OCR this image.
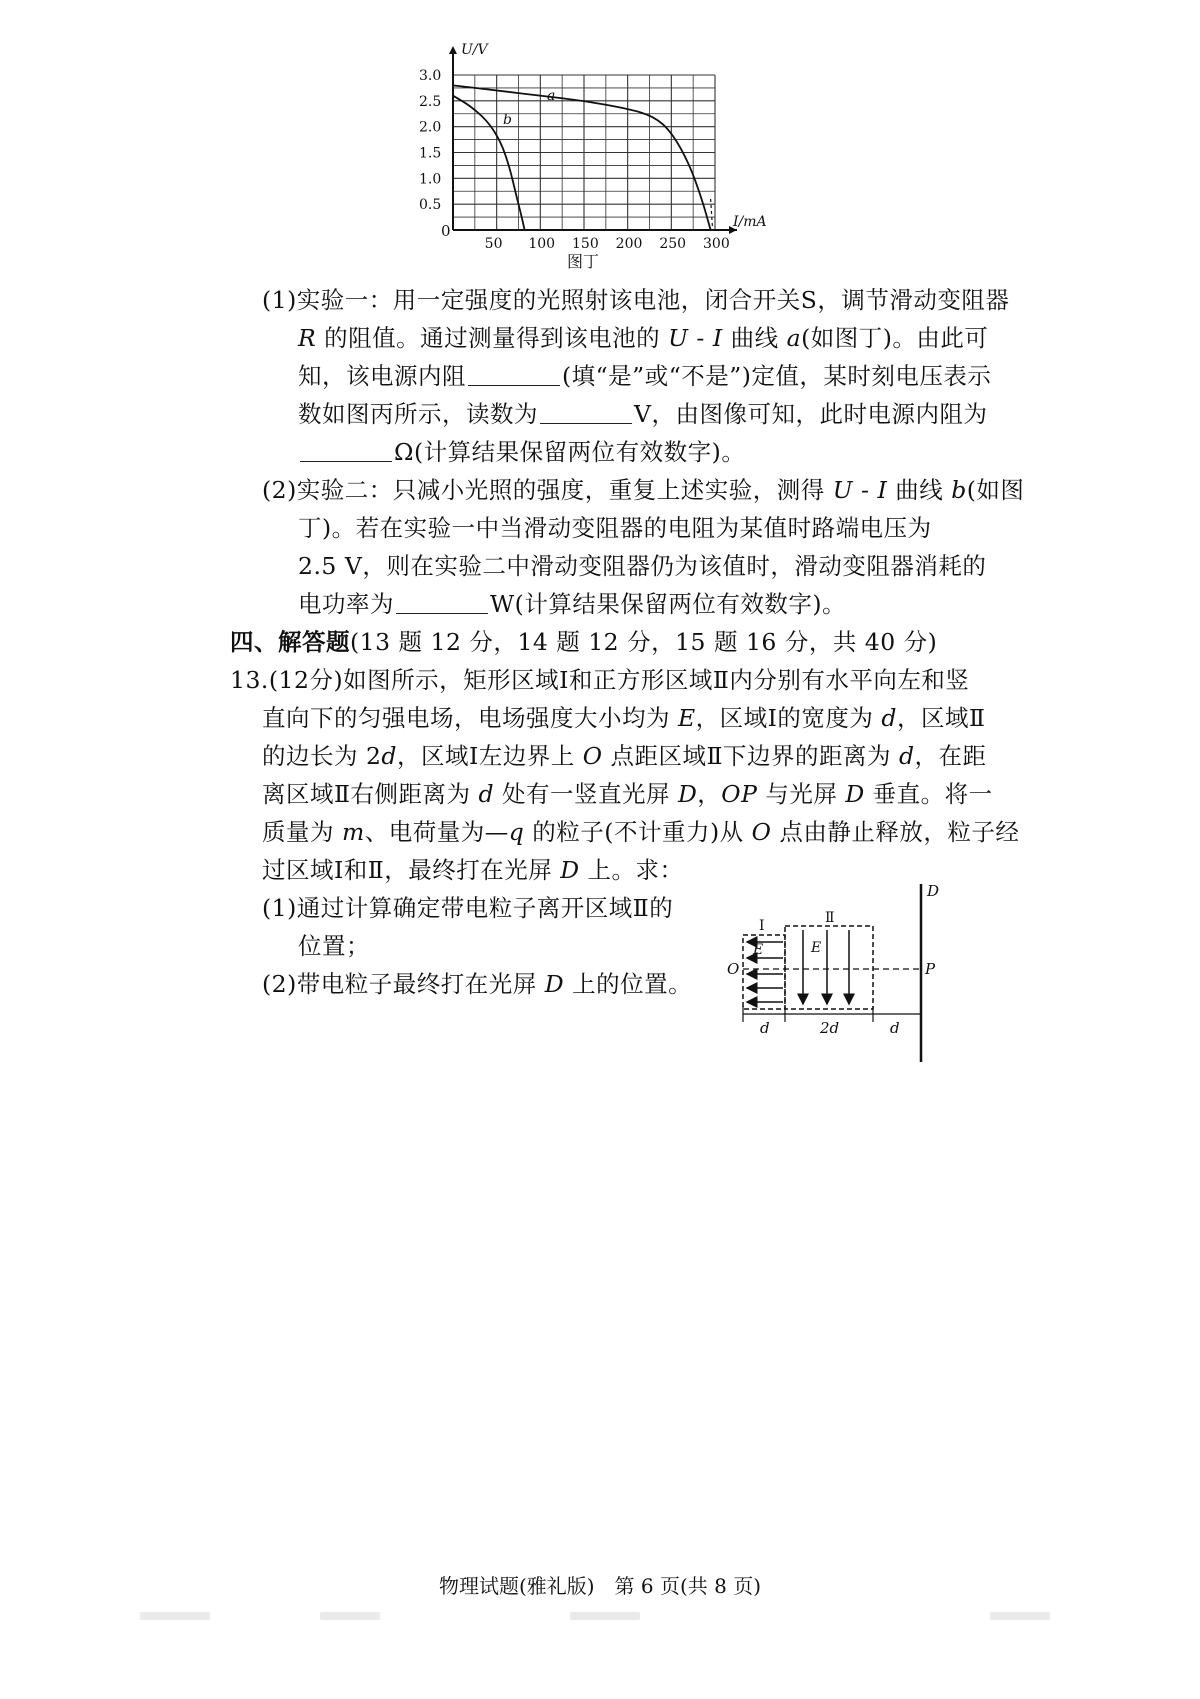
3.0
2.5
2.0
1.5
1.0
0.5
50 100 150 200 250 300
U/V
I/mA
0
a
b
图丁
(1)实验一：用一定强度的光照射该电池，闭合开关S，调节滑动变阻器
R 的阻值。通过测量得到该电池的 U - I 曲线 a(如图丁)。由此可
知，该电源内阻	(填“是”或“不是”)定值，某时刻电压表示
数如图丙所示，读数为	V，由图像可知，此时电源内阻为
Ω(计算结果保留两位有效数字)。
(2)实验二：只减小光照的强度，重复上述实验，测得 U - I 曲线 b(如图
丁)。若在实验一中当滑动变阻器的电阻为某值时路端电压为
2.5 V，则在实验二中滑动变阻器仍为该值时，滑动变阻器消耗的
电功率为	W(计算结果保留两位有效数字)。
四、解答题(13 题 12 分，14 题 12 分，15 题 16 分，共 40 分)
13.(12分)如图所示，矩形区域Ⅰ和正方形区域Ⅱ内分别有水平向左和竖
直向下的匀强电场，电场强度大小均为 E，区域Ⅰ的宽度为 d，区域Ⅱ
的边长为 2d，区域Ⅰ左边界上 O 点距区域Ⅱ下边界的距离为 d，在距
离区域Ⅱ右侧距离为 d 处有一竖直光屏 D，OP 与光屏 D 垂直。将一
质量为 m、电荷量为—q 的粒子(不计重力)从 O 点由静止释放，粒子经
过区域Ⅰ和Ⅱ，最终打在光屏 D 上。求：
(1)通过计算确定带电粒子离开区域Ⅱ的
位置；
(2)带电粒子最终打在光屏 D 上的位置。
D
Ⅰ	Ⅱ
E	E
O	P
d	2d	d
物理试题(雅礼版)　第 6 页(共 8 页)
